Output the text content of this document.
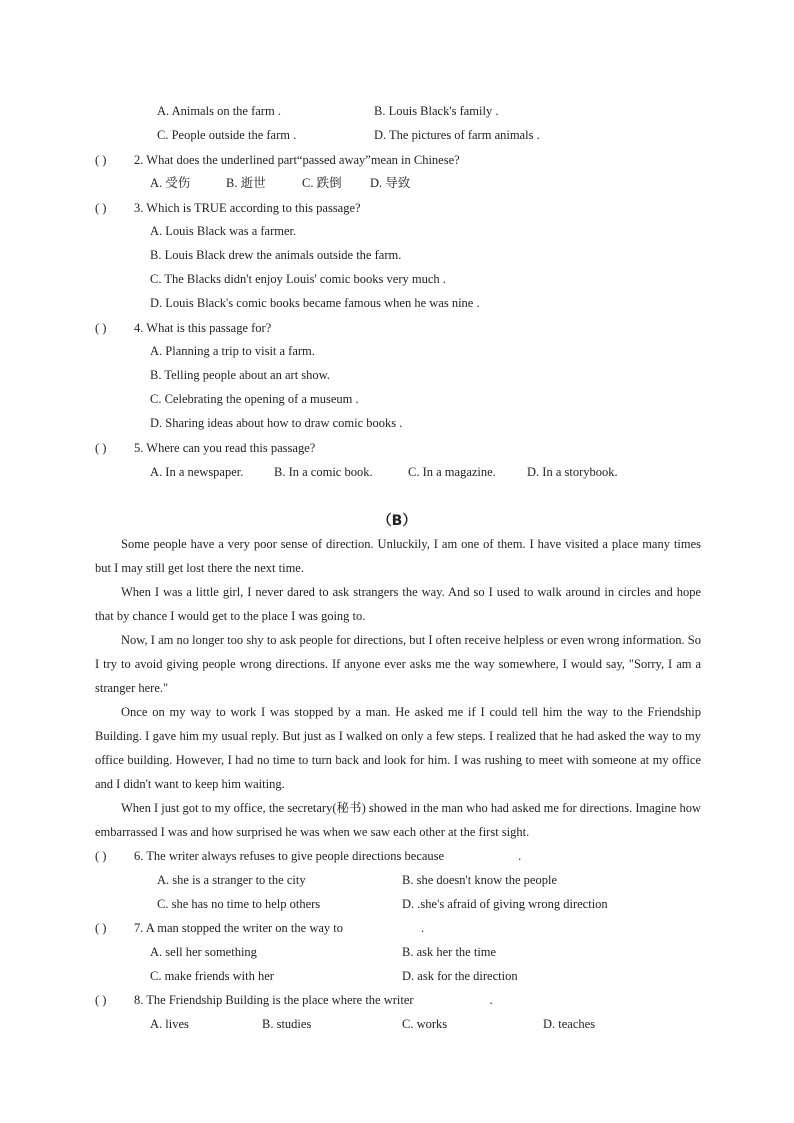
A. Animals on the farm .	B. Louis Black's family .
C. People outside the farm .	D. The pictures of farm animals .
( ) 2. What does the underlined part“passed away”mean in Chinese?
A. 受伤	B. 逝世	C. 跌倒 D. 导致
( ) 3. Which is TRUE according to this passage?
A. Louis Black was a farmer.
B. Louis Black drew the animals outside the farm.
C. The Blacks didn't enjoy Louis' comic books very much .
D. Louis Black's comic books became famous when he was nine .
( ) 4. What is this passage for?
A. Planning a trip to visit a farm.
B. Telling people about an art show.
C. Celebrating the opening of a museum .
D. Sharing ideas about how to draw comic books .
( ) 5. Where can you read this passage?
A. In a newspaper. B. In a comic book.	C. In a magazine. D. In a storybook.
（B）
Some people have a very poor sense of direction. Unluckily, I am one of them. I have visited a place many times but I may still get lost there the next time.
When I was a little girl, I never dared to ask strangers the way. And so I used to walk around in circles and hope that by chance I would get to the place I was going to.
Now, I am no longer too shy to ask people for directions, but I often receive helpless or even wrong information. So I try to avoid giving people wrong directions. If anyone ever asks me the way somewhere, I would say, "Sorry, I am a stranger here."
Once on my way to work I was stopped by a man. He asked me if I could tell him the way to the Friendship Building. I gave him my usual reply. But just as I walked on only a few steps. I realized that he had asked the way to my office building. However, I had no time to turn back and look for him. I was rushing to meet with someone at my office and I didn't want to keep him waiting.
When I just got to my office, the secretary(秘书) showed in the man who had asked me for directions. Imagine how embarrassed I was and how surprised he was when we saw each other at the first sight.
( ) 6. The writer always refuses to give people directions because	.
A. she is a stranger to the city	B. she doesn't know the people
C. she has no time to help others	D. .she's afraid of giving wrong direction
( ) 7. A man stopped the writer on the way to	.
A. sell her something	B. ask her the time
C. make friends with her	D. ask for the direction
( ) 8. The Friendship Building is the place where the writer	.
A. lives	B. studies	C. works	D. teaches
